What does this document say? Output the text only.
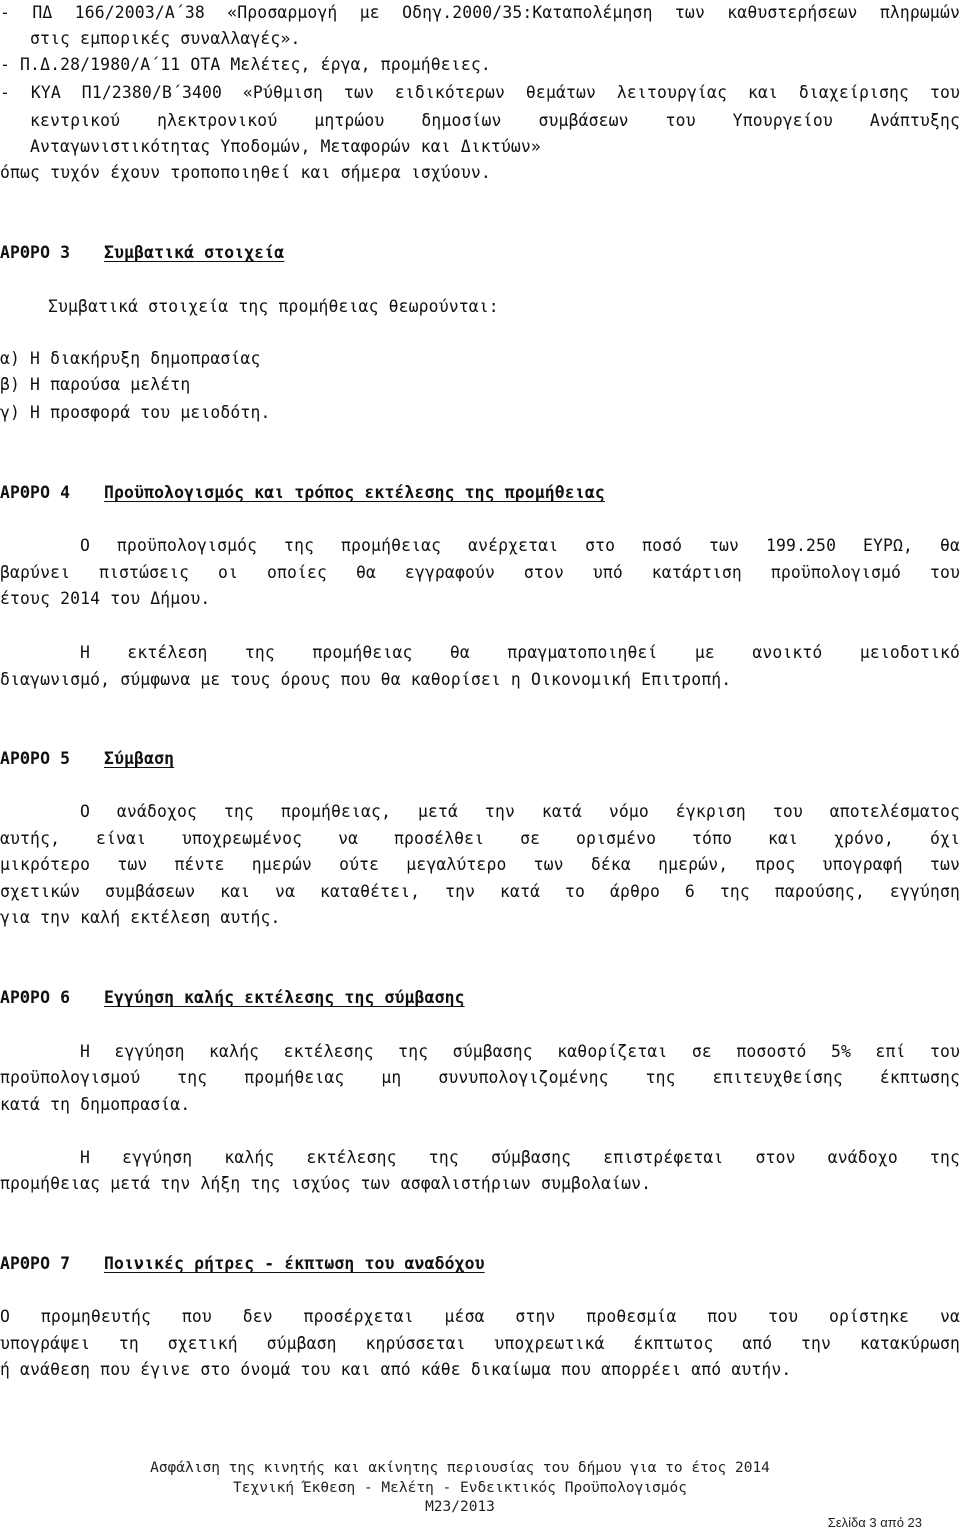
- ΠΔ 166/2003/Α΄38 «Προσαρμογή με Οδηγ.2000/35:Καταπολέμηση των καθυστερήσεων πληρωμών
στις εμπορικές συναλλαγές».
- Π.Δ.28/1980/Α΄11 ΟΤΑ Μελέτες, έργα, προμήθειες.
- ΚΥΑ Π1/2380/Β΄3400 «Ρύθμιση των ειδικότερων θεμάτων λειτουργίας και διαχείρισης του
κεντρικού ηλεκτρονικού μητρώου δημοσίων συμβάσεων του Υπουργείου Ανάπτυξης
Ανταγωνιστικότητας Υποδομών, Μεταφορών και Δικτύων»
όπως τυχόν έχουν τροποποιηθεί και σήμερα ισχύουν.
ΑΡΘΡΟ 3 Συμβατικά στοιχεία
Συμβατικά στοιχεία της προμήθειας θεωρούνται:
α) Η διακήρυξη δημοπρασίας
β) Η παρούσα μελέτη
γ) Η προσφορά του μειοδότη.
ΑΡΘΡΟ 4 Προϋπολογισμός και τρόπος εκτέλεσης της προμήθειας
Ο προϋπολογισμός της προμήθειας ανέρχεται στο ποσό των 199.250 ΕΥΡΩ, θα
βαρύνει πιστώσεις οι οποίες θα εγγραφούν στον υπό κατάρτιση προϋπολογισμό του
έτους 2014 του Δήμου.
Η εκτέλεση της προμήθειας θα πραγματοποιηθεί με ανοικτό μειοδοτικό
διαγωνισμό, σύμφωνα με τους όρους που θα καθορίσει η Οικονομική Επιτροπή.
ΑΡΘΡΟ 5 Σύμβαση
Ο ανάδοχος της προμήθειας, μετά την κατά νόμο έγκριση του αποτελέσματος
αυτής, είναι υποχρεωμένος να προσέλθει σε ορισμένο τόπο και χρόνο, όχι
μικρότερο των πέντε ημερών ούτε μεγαλύτερο των δέκα ημερών, προς υπογραφή των
σχετικών συμβάσεων και να καταθέτει, την κατά το άρθρο 6 της παρούσης, εγγύηση
για την καλή εκτέλεση αυτής.
ΑΡΘΡΟ 6 Εγγύηση καλής εκτέλεσης της σύμβασης
Η εγγύηση καλής εκτέλεσης της σύμβασης καθορίζεται σε ποσοστό 5% επί του
προϋπολογισμού της προμήθειας μη συνυπολογιζομένης της επιτευχθείσης έκπτωσης
κατά τη δημοπρασία.
Η εγγύηση καλής εκτέλεσης της σύμβασης επιστρέφεται στον ανάδοχο της
προμήθειας μετά την λήξη της ισχύος των ασφαλιστήριων συμβολαίων.
ΑΡΘΡΟ 7 Ποινικές ρήτρες - έκπτωση του αναδόχου
Ο προμηθευτής που δεν προσέρχεται μέσα στην προθεσμία που του ορίστηκε να
υπογράψει τη σχετική σύμβαση κηρύσσεται υποχρεωτικά έκπτωτος από την κατακύρωση
ή ανάθεση που έγινε στο όνομά του και από κάθε δικαίωμα που απορρέει από αυτήν.
Ασφάλιση της κινητής και ακίνητης περιουσίας του δήμου για το έτος 2014
Τεχνική Έκθεση - Μελέτη - Ενδεικτικός Προϋπολογισμός
Μ23/2013
Σελίδα 3 από 23
